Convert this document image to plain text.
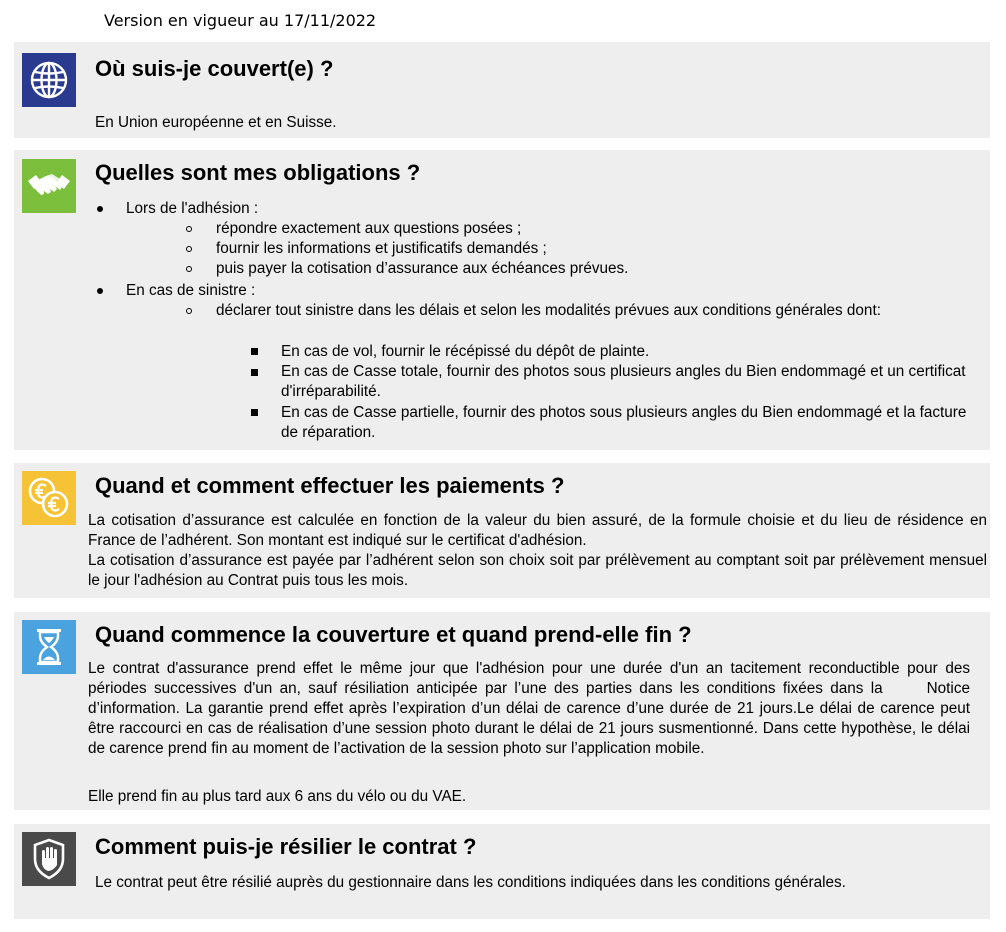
Version en vigueur au 17/11/2022
Où suis-je couvert(e) ?
En Union européenne et en Suisse.
Quelles sont mes obligations ?
Lors de l'adhésion :
répondre exactement aux questions posées ;
fournir les informations et justificatifs demandés ;
puis payer la cotisation d’assurance aux échéances prévues.
En cas de sinistre :
déclarer tout sinistre dans les délais et selon les modalités prévues aux conditions générales dont:
En cas de vol, fournir le récépissé du dépôt de plainte.
En cas de Casse totale, fournir des photos sous plusieurs angles du Bien endommagé et un certificat d'irréparabilité.
En cas de Casse partielle, fournir des photos sous plusieurs angles du Bien endommagé et la facture de réparation.
Quand et comment effectuer les paiements ?
La cotisation d’assurance est calculée en fonction de la valeur du bien assuré, de la formule choisie et du lieu de résidence en France de l’adhérent. Son montant est indiqué sur le certificat d'adhésion.
La cotisation d’assurance est payée par l’adhérent selon son choix soit par prélèvement au comptant soit par prélèvement mensuel le jour l'adhésion au Contrat puis tous les mois.
Quand commence la couverture et quand prend-elle fin ?
Le contrat d'assurance prend effet le même jour que l'adhésion pour une durée d'un an tacitement reconductible pour des périodes successives d'un an, sauf résiliation anticipée par l’une des parties dans les conditions fixées dans la      Notice d’information. La garantie prend effet après l’expiration d’un délai de carence d’une durée de 21 jours.Le délai de carence peut être raccourci en cas de réalisation d’une session photo durant le délai de 21 jours susmentionné. Dans cette hypothèse, le délai de carence prend fin au moment de l’activation de la session photo sur l’application mobile.
Elle prend fin au plus tard aux 6 ans du vélo ou du VAE.
Comment puis-je résilier le contrat ?
Le contrat peut être résilié auprès du gestionnaire dans les conditions indiquées dans les conditions générales.
